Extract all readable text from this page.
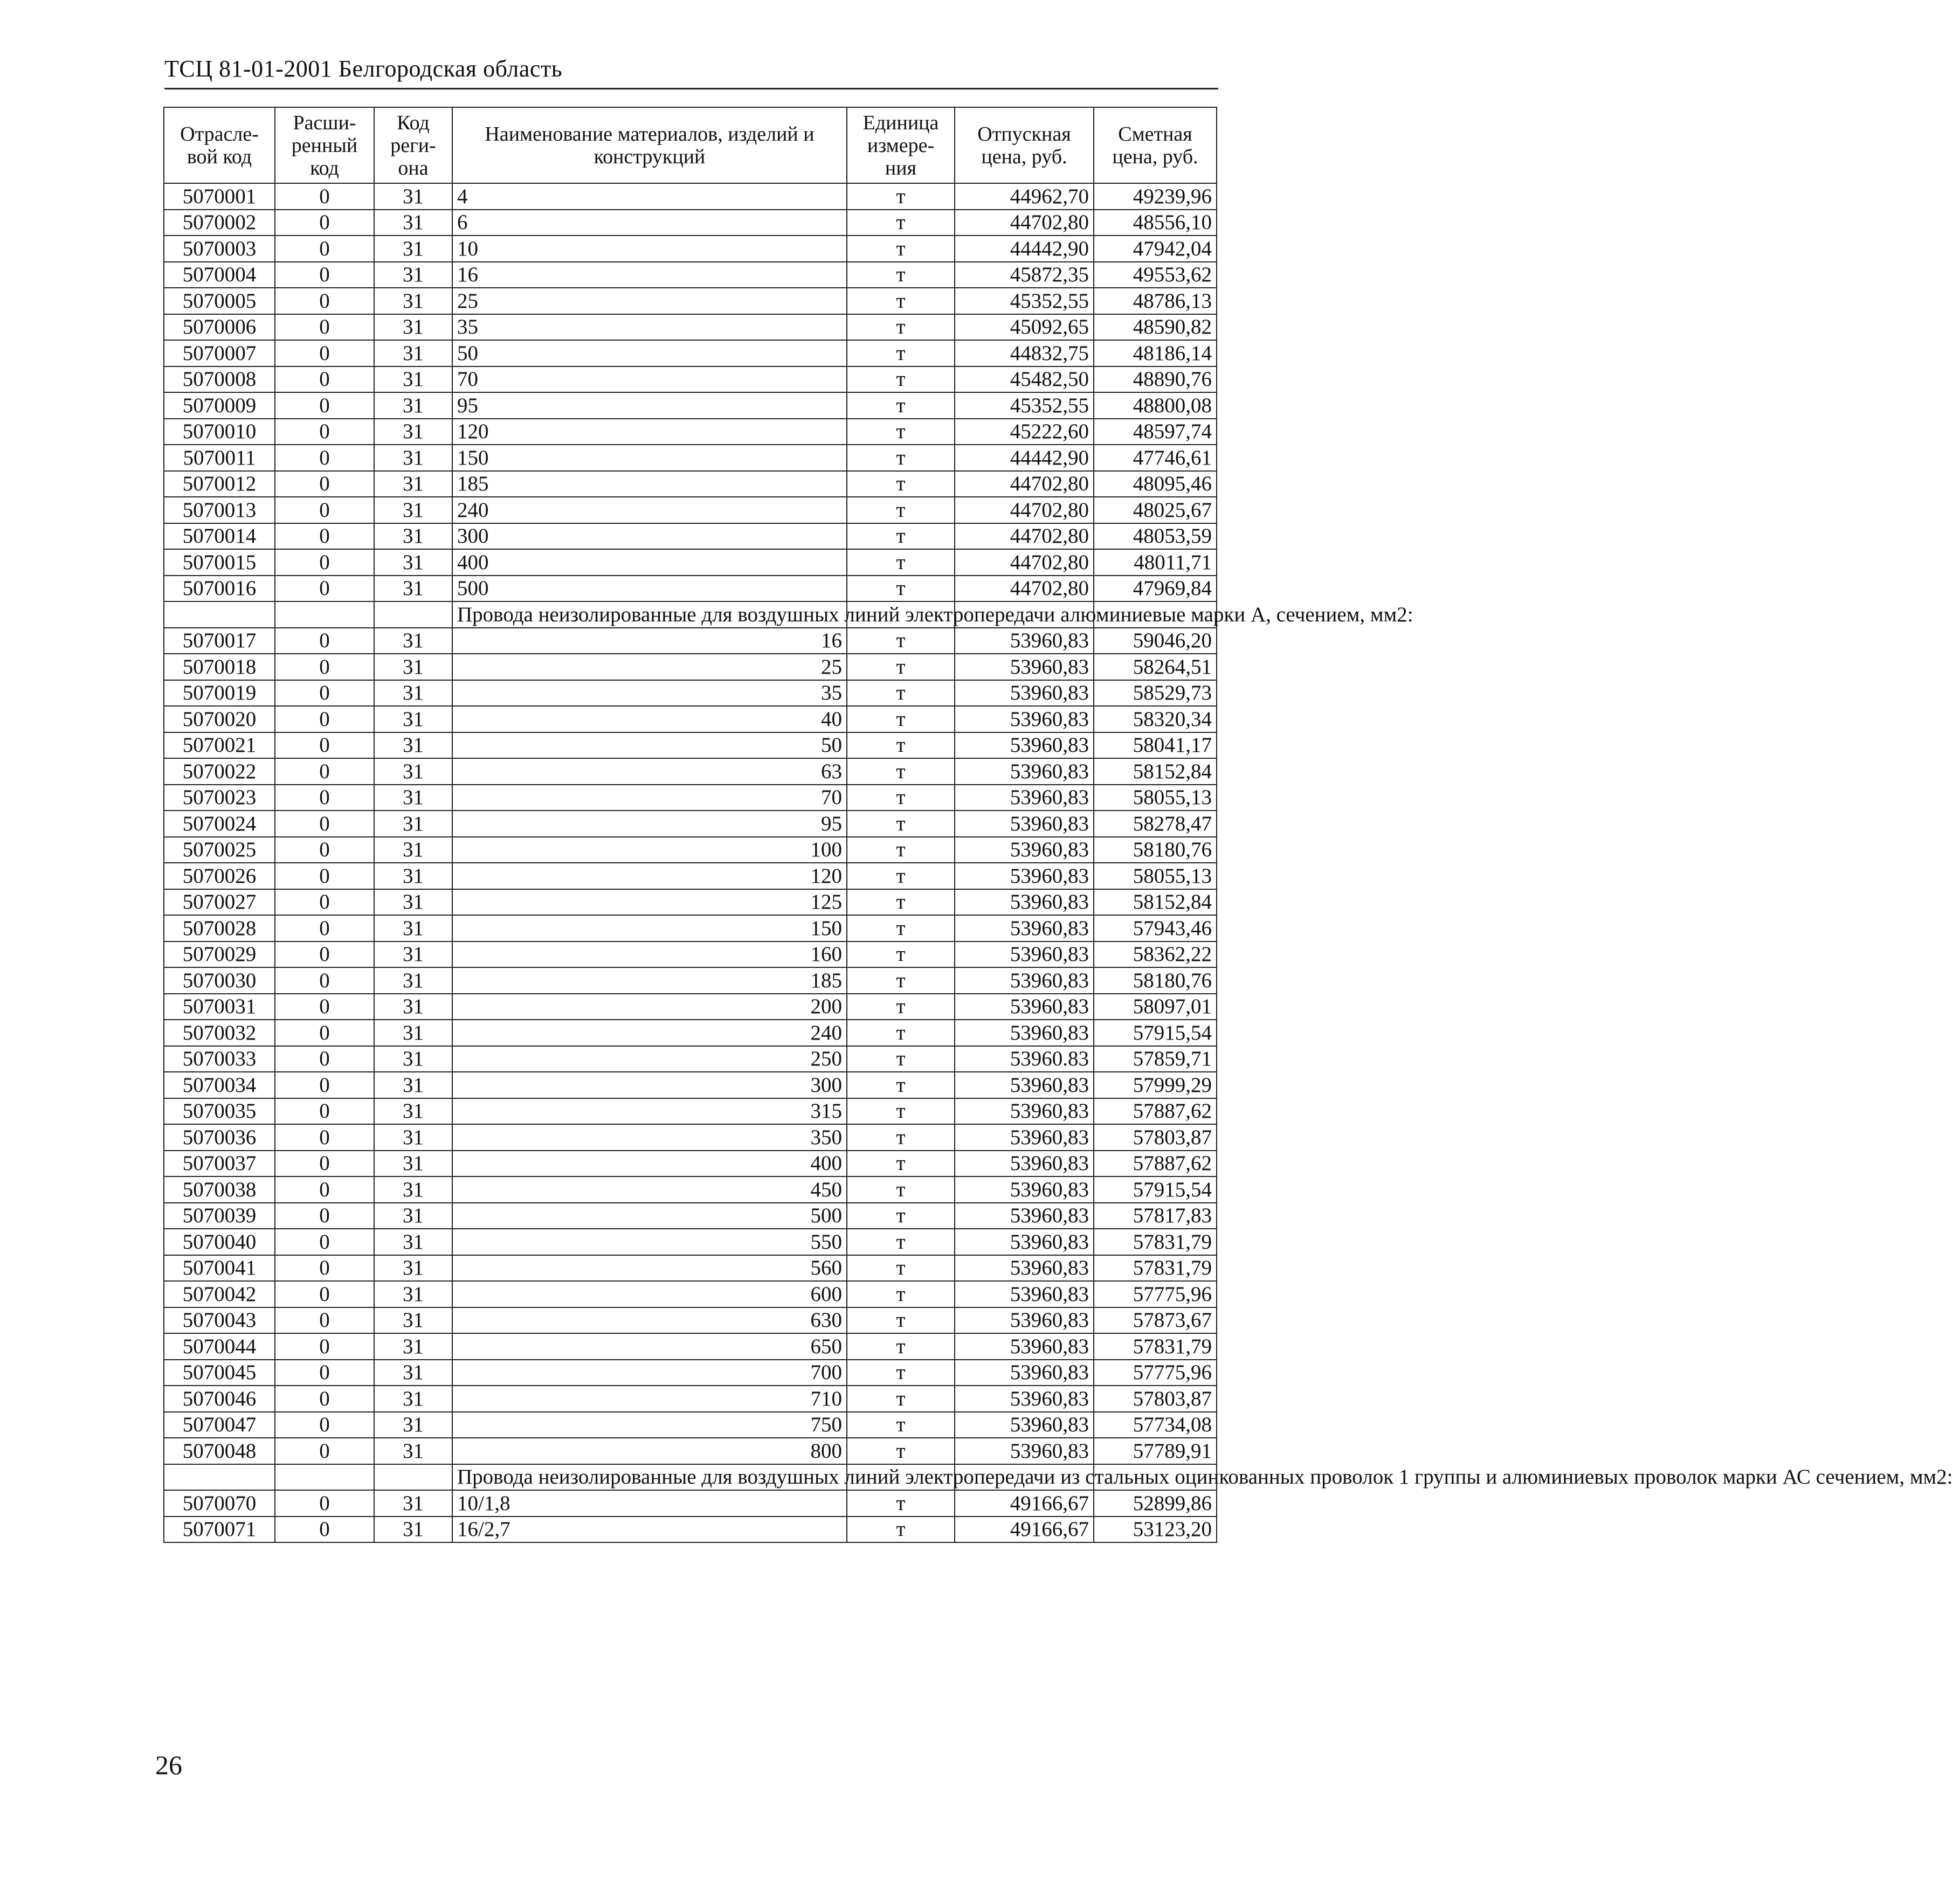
ТСЦ 81-01-2001 Белгородская область
Отрасле-вой код	Расши-ренный код	Код реги-она	Наименование материалов, изделий и конструкций	Единица измере-ния	Отпускная цена, руб.	Сметная цена, руб.
5070001	0	31	4	т	44962,70	49239,96
5070002	0	31	6	т	44702,80	48556,10
5070003	0	31	10	т	44442,90	47942,04
5070004	0	31	16	т	45872,35	49553,62
5070005	0	31	25	т	45352,55	48786,13
5070006	0	31	35	т	45092,65	48590,82
5070007	0	31	50	т	44832,75	48186,14
5070008	0	31	70	т	45482,50	48890,76
5070009	0	31	95	т	45352,55	48800,08
5070010	0	31	120	т	45222,60	48597,74
5070011	0	31	150	т	44442,90	47746,61
5070012	0	31	185	т	44702,80	48095,46
5070013	0	31	240	т	44702,80	48025,67
5070014	0	31	300	т	44702,80	48053,59
5070015	0	31	400	т	44702,80	48011,71
5070016	0	31	500	т	44702,80	47969,84
			Провода неизолированные для воздушных линий электропередачи алюминиевые марки А, сечением, мм2:			
5070017	0	31	16	т	53960,83	59046,20
5070018	0	31	25	т	53960,83	58264,51
5070019	0	31	35	т	53960,83	58529,73
5070020	0	31	40	т	53960,83	58320,34
5070021	0	31	50	т	53960,83	58041,17
5070022	0	31	63	т	53960,83	58152,84
5070023	0	31	70	т	53960,83	58055,13
5070024	0	31	95	т	53960,83	58278,47
5070025	0	31	100	т	53960,83	58180,76
5070026	0	31	120	т	53960,83	58055,13
5070027	0	31	125	т	53960,83	58152,84
5070028	0	31	150	т	53960,83	57943,46
5070029	0	31	160	т	53960,83	58362,22
5070030	0	31	185	т	53960,83	58180,76
5070031	0	31	200	т	53960,83	58097,01
5070032	0	31	240	т	53960,83	57915,54
5070033	0	31	250	т	53960.83	57859,71
5070034	0	31	300	т	53960,83	57999,29
5070035	0	31	315	т	53960,83	57887,62
5070036	0	31	350	т	53960,83	57803,87
5070037	0	31	400	т	53960,83	57887,62
5070038	0	31	450	т	53960,83	57915,54
5070039	0	31	500	т	53960,83	57817,83
5070040	0	31	550	т	53960,83	57831,79
5070041	0	31	560	т	53960,83	57831,79
5070042	0	31	600	т	53960,83	57775,96
5070043	0	31	630	т	53960,83	57873,67
5070044	0	31	650	т	53960,83	57831,79
5070045	0	31	700	т	53960,83	57775,96
5070046	0	31	710	т	53960,83	57803,87
5070047	0	31	750	т	53960,83	57734,08
5070048	0	31	800	т	53960,83	57789,91
			Провода неизолированные для воздушных линий электропередачи из стальных оцинкованных проволок 1 группы и алюминиевых проволок марки АС сечением, мм2:			
5070070	0	31	10/1,8	т	49166,67	52899,86
5070071	0	31	16/2,7	т	49166,67	53123,20
26
